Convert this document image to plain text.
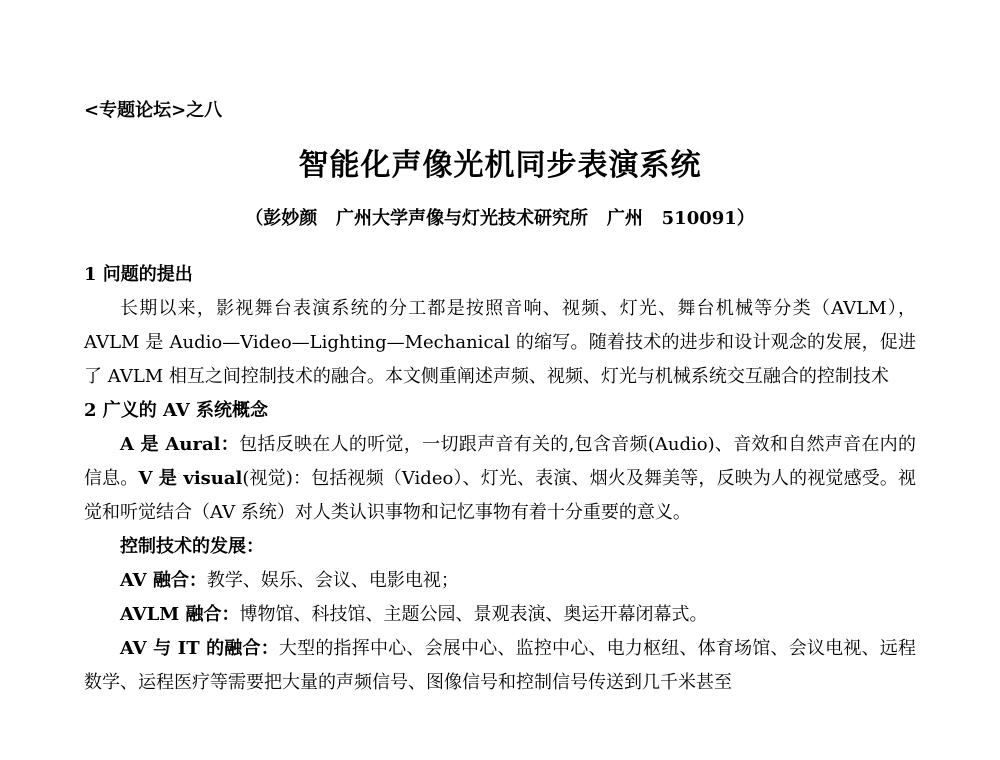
<专题论坛>之八
智能化声像光机同步表演系统
（彭妙颜 广州大学声像与灯光技术研究所 广州 510091）

1 问题的提出

长期以来，影视舞台表演系统的分工都是按照音响、视频、灯光、舞台机械等分类（AVLM），AVLM 是 Audio—Video—Lighting—Mechanical 的缩写。随着技术的进步和设计观念的发展，促进了 AVLM 相互之间控制技术的融合。本文侧重阐述声频、视频、灯光与机械系统交互融合的控制技术

2 广义的 AV 系统概念

A 是 Aural：包括反映在人的听觉，一切跟声音有关的,包含音频(Audio)、音效和自然声音在内的信息。V 是 visual(视觉)：包括视频（Video）、灯光、表演、烟火及舞美等，反映为人的视觉感受。视觉和听觉结合（AV 系统）对人类认识事物和记忆事物有着十分重要的意义。

控制技术的发展：

AV 融合：教学、娱乐、会议、电影电视；

AVLM 融合：博物馆、科技馆、主题公园、景观表演、奥运开幕闭幕式。

AV 与 IT 的融合：大型的指挥中心、会展中心、监控中心、电力枢纽、体育场馆、会议电视、远程数学、运程医疗等需要把大量的声频信号、图像信号和控制信号传送到几千米甚至
